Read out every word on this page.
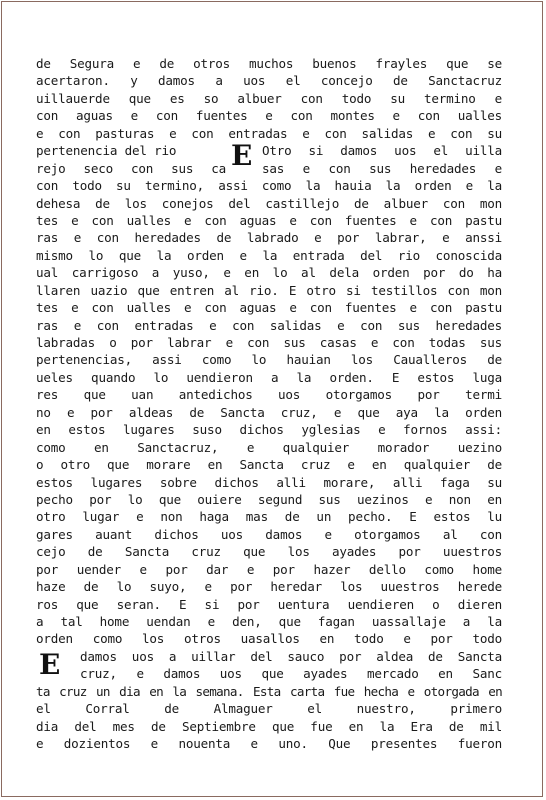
de Segura e de otros muchos buenos frayles que se
acertaron. y damos a uos el concejo de Sanctacruz
uillauerde que es so albuer con todo su termino e
con aguas e con fuentes e con montes e con ualles
e con pasturas e con entradas e con salidas e con su
pertenencia del rio	Otro si damos uos el uilla
rejo seco con sus ca	sas e con sus heredades e
E
con todo su termino, assi como la hauia la orden e la
dehesa de los conejos del castillejo de albuer con mon
tes e con ualles e con aguas e con fuentes e con pastu
ras e con heredades de labrado e por labrar, e anssi
mismo lo que la orden e la entrada del rio conoscida
ual carrigoso a yuso, e en lo al dela orden por do ha
llaren uazio que entren al rio. E otro si testillos con mon
tes e con ualles e con aguas e con fuentes e con pastu
ras e con entradas e con salidas e con sus heredades
labradas o por labrar e con sus casas e con todas sus
pertenencias, assi como lo hauian los Caualleros de
ueles quando lo uendieron a la orden. E estos luga
res que uan antedichos uos otorgamos por termi
no e por aldeas de Sancta cruz, e que aya la orden
en estos lugares suso dichos yglesias e fornos assi:
como en Sanctacruz, e qualquier morador uezino
o otro que morare en Sancta cruz e en qualquier de
estos lugares sobre dichos alli morare, alli faga su
pecho por lo que ouiere segund sus uezinos e non en
otro lugar e non haga mas de un pecho. E estos lu
gares auant dichos uos damos e otorgamos al con
cejo de Sancta cruz que los ayades por uuestros
por uender e por dar e por hazer dello como home
haze de lo suyo, e por heredar los uuestros herede
ros que seran. E si por uentura uendieren o dieren
a tal home uendan e den, que fagan uassallaje a la
orden como los otros uasallos en todo e por todo
damos uos a uillar del sauco por aldea de Sancta
cruz, e damos uos que ayades mercado en Sanc
E
ta cruz un dia en la semana. Esta carta fue hecha e otorgada en
el Corral de Almaguer el nuestro, primero
dia del mes de Septiembre que fue en la Era de mil
e dozientos e nouenta e uno. Que presentes fueron
